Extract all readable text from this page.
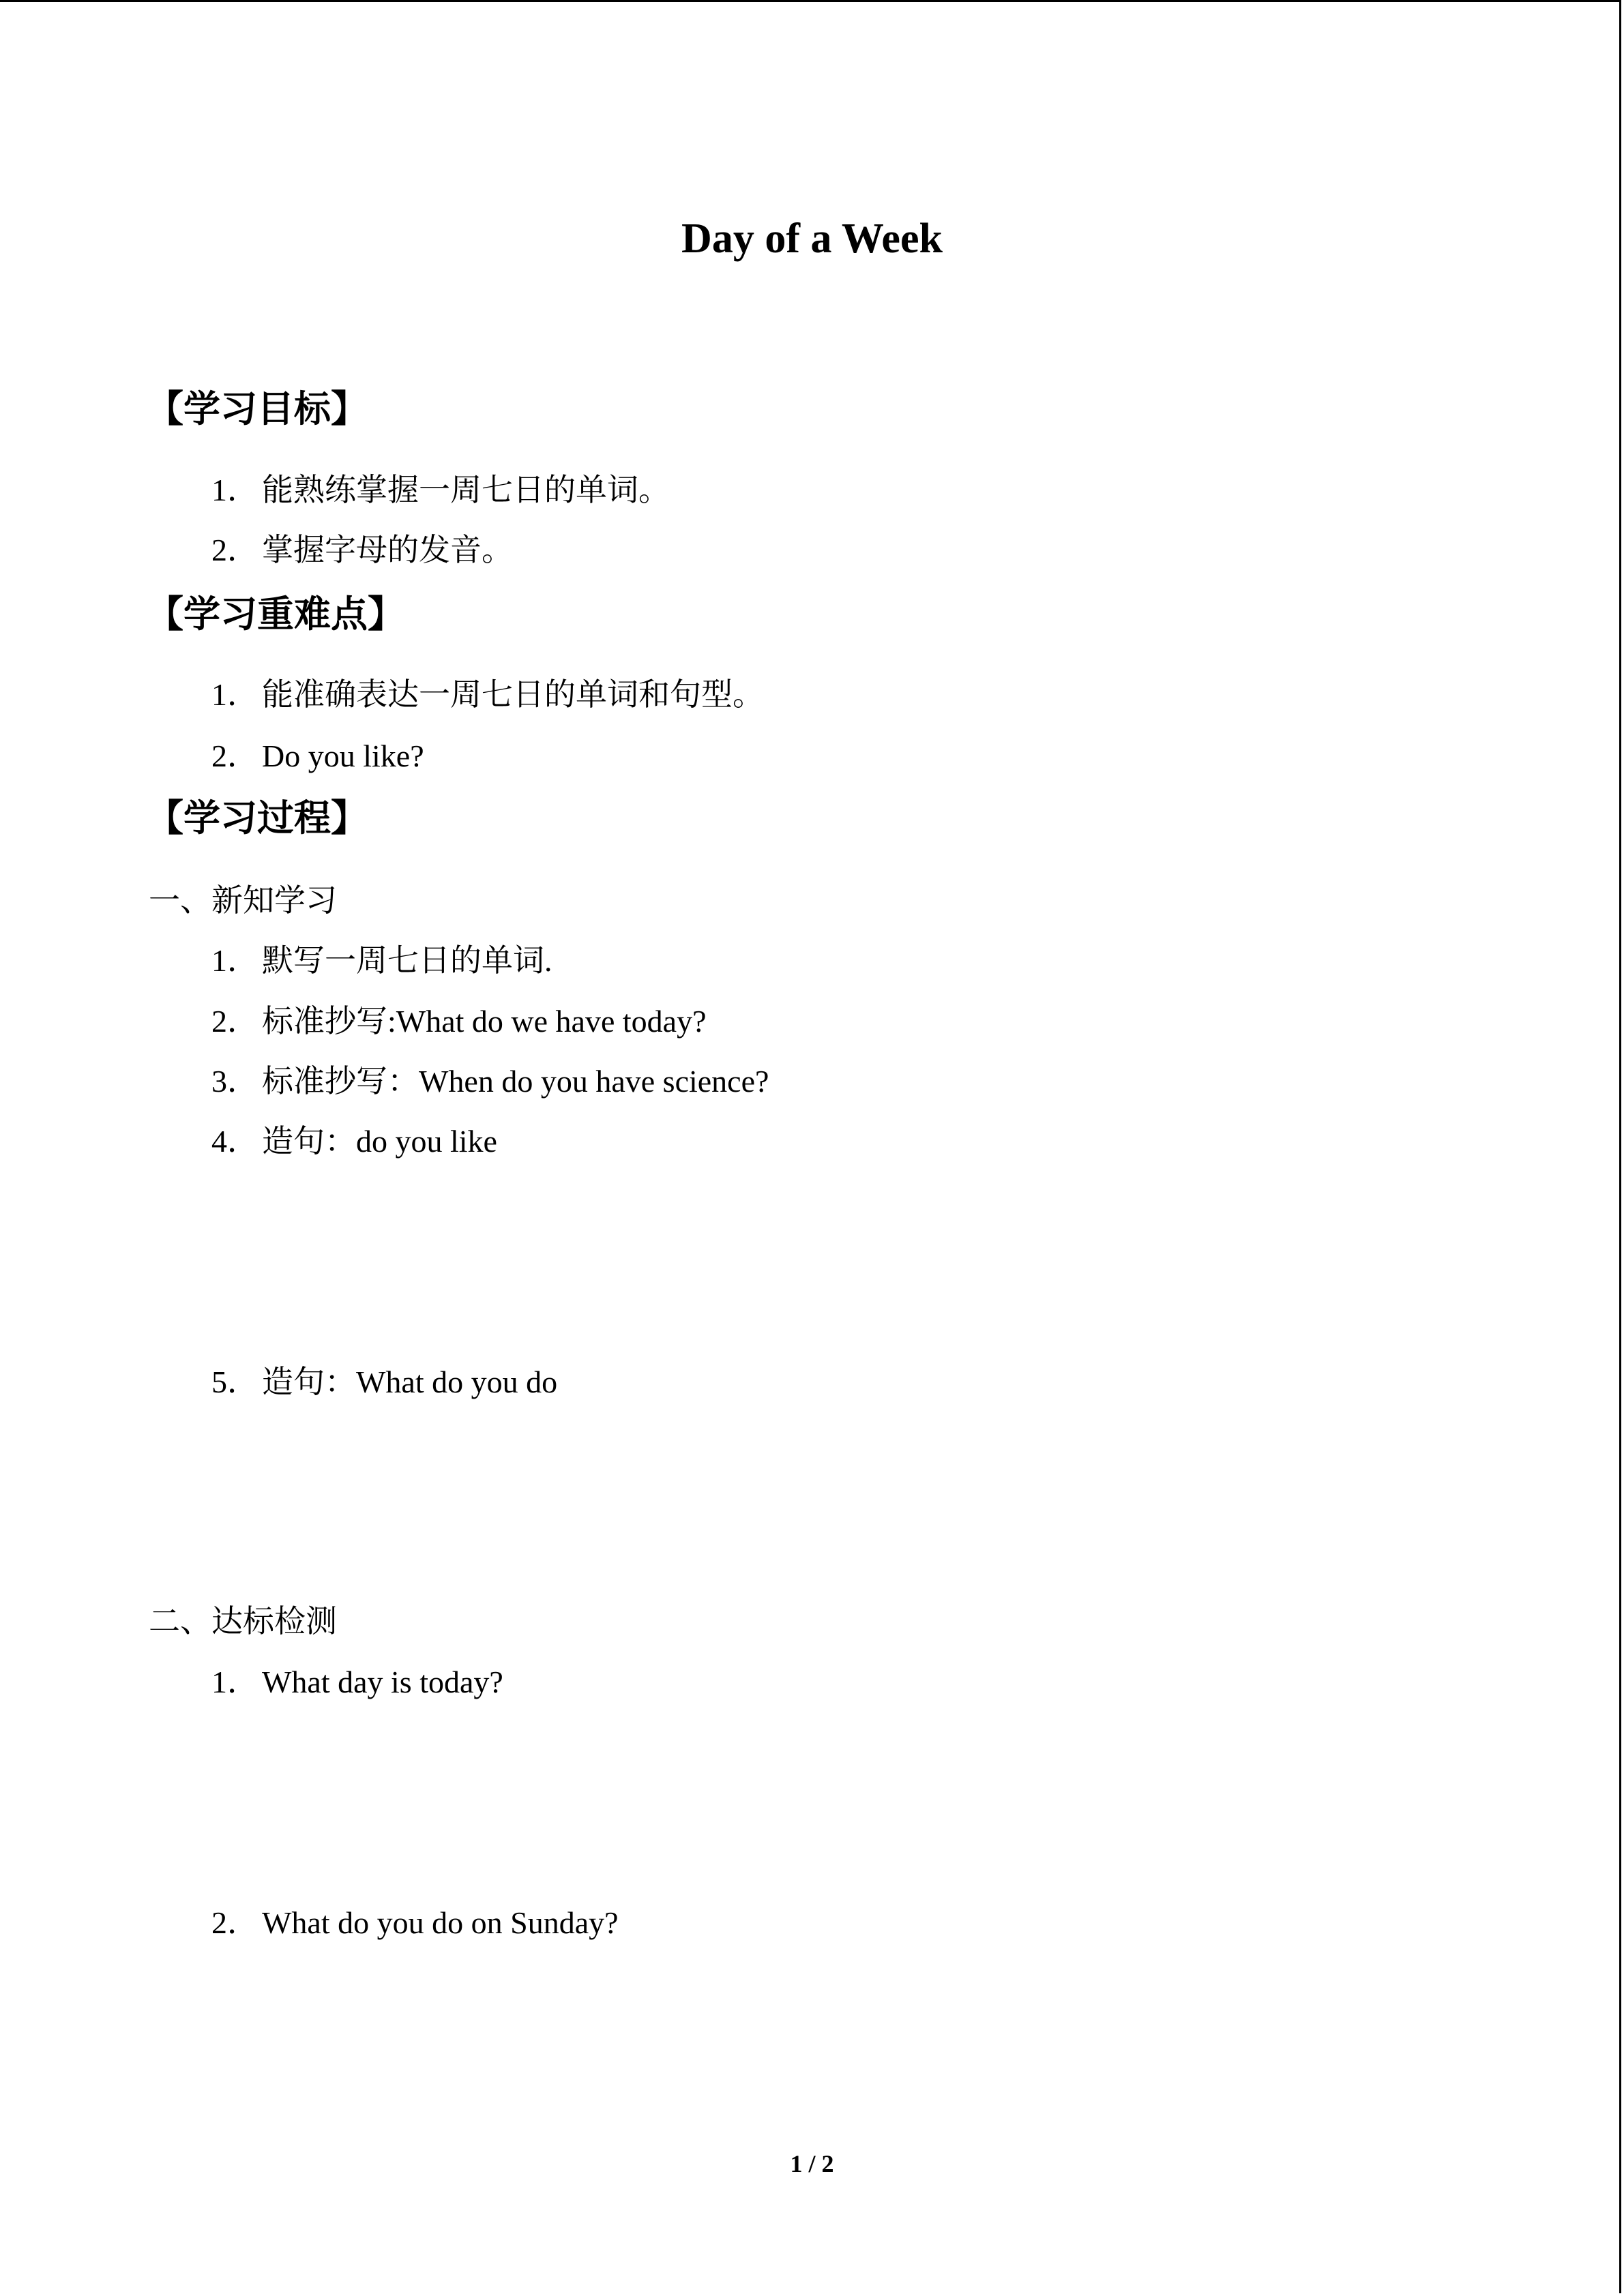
Day of a Week
【学习目标】
1． 能熟练掌握一周七日的单词。
2． 掌握字母的发音。
【学习重难点】
1． 能准确表达一周七日的单词和句型。
2． Do you like?
【学习过程】
一、新知学习
1． 默写一周七日的单词.
2． 标准抄写:What do we have today?
3． 标准抄写：When do you have science?
4． 造句：do you like
5． 造句：What do you do
二、达标检测
1． What day is today?
2． What do you do on Sunday?
1 / 2
